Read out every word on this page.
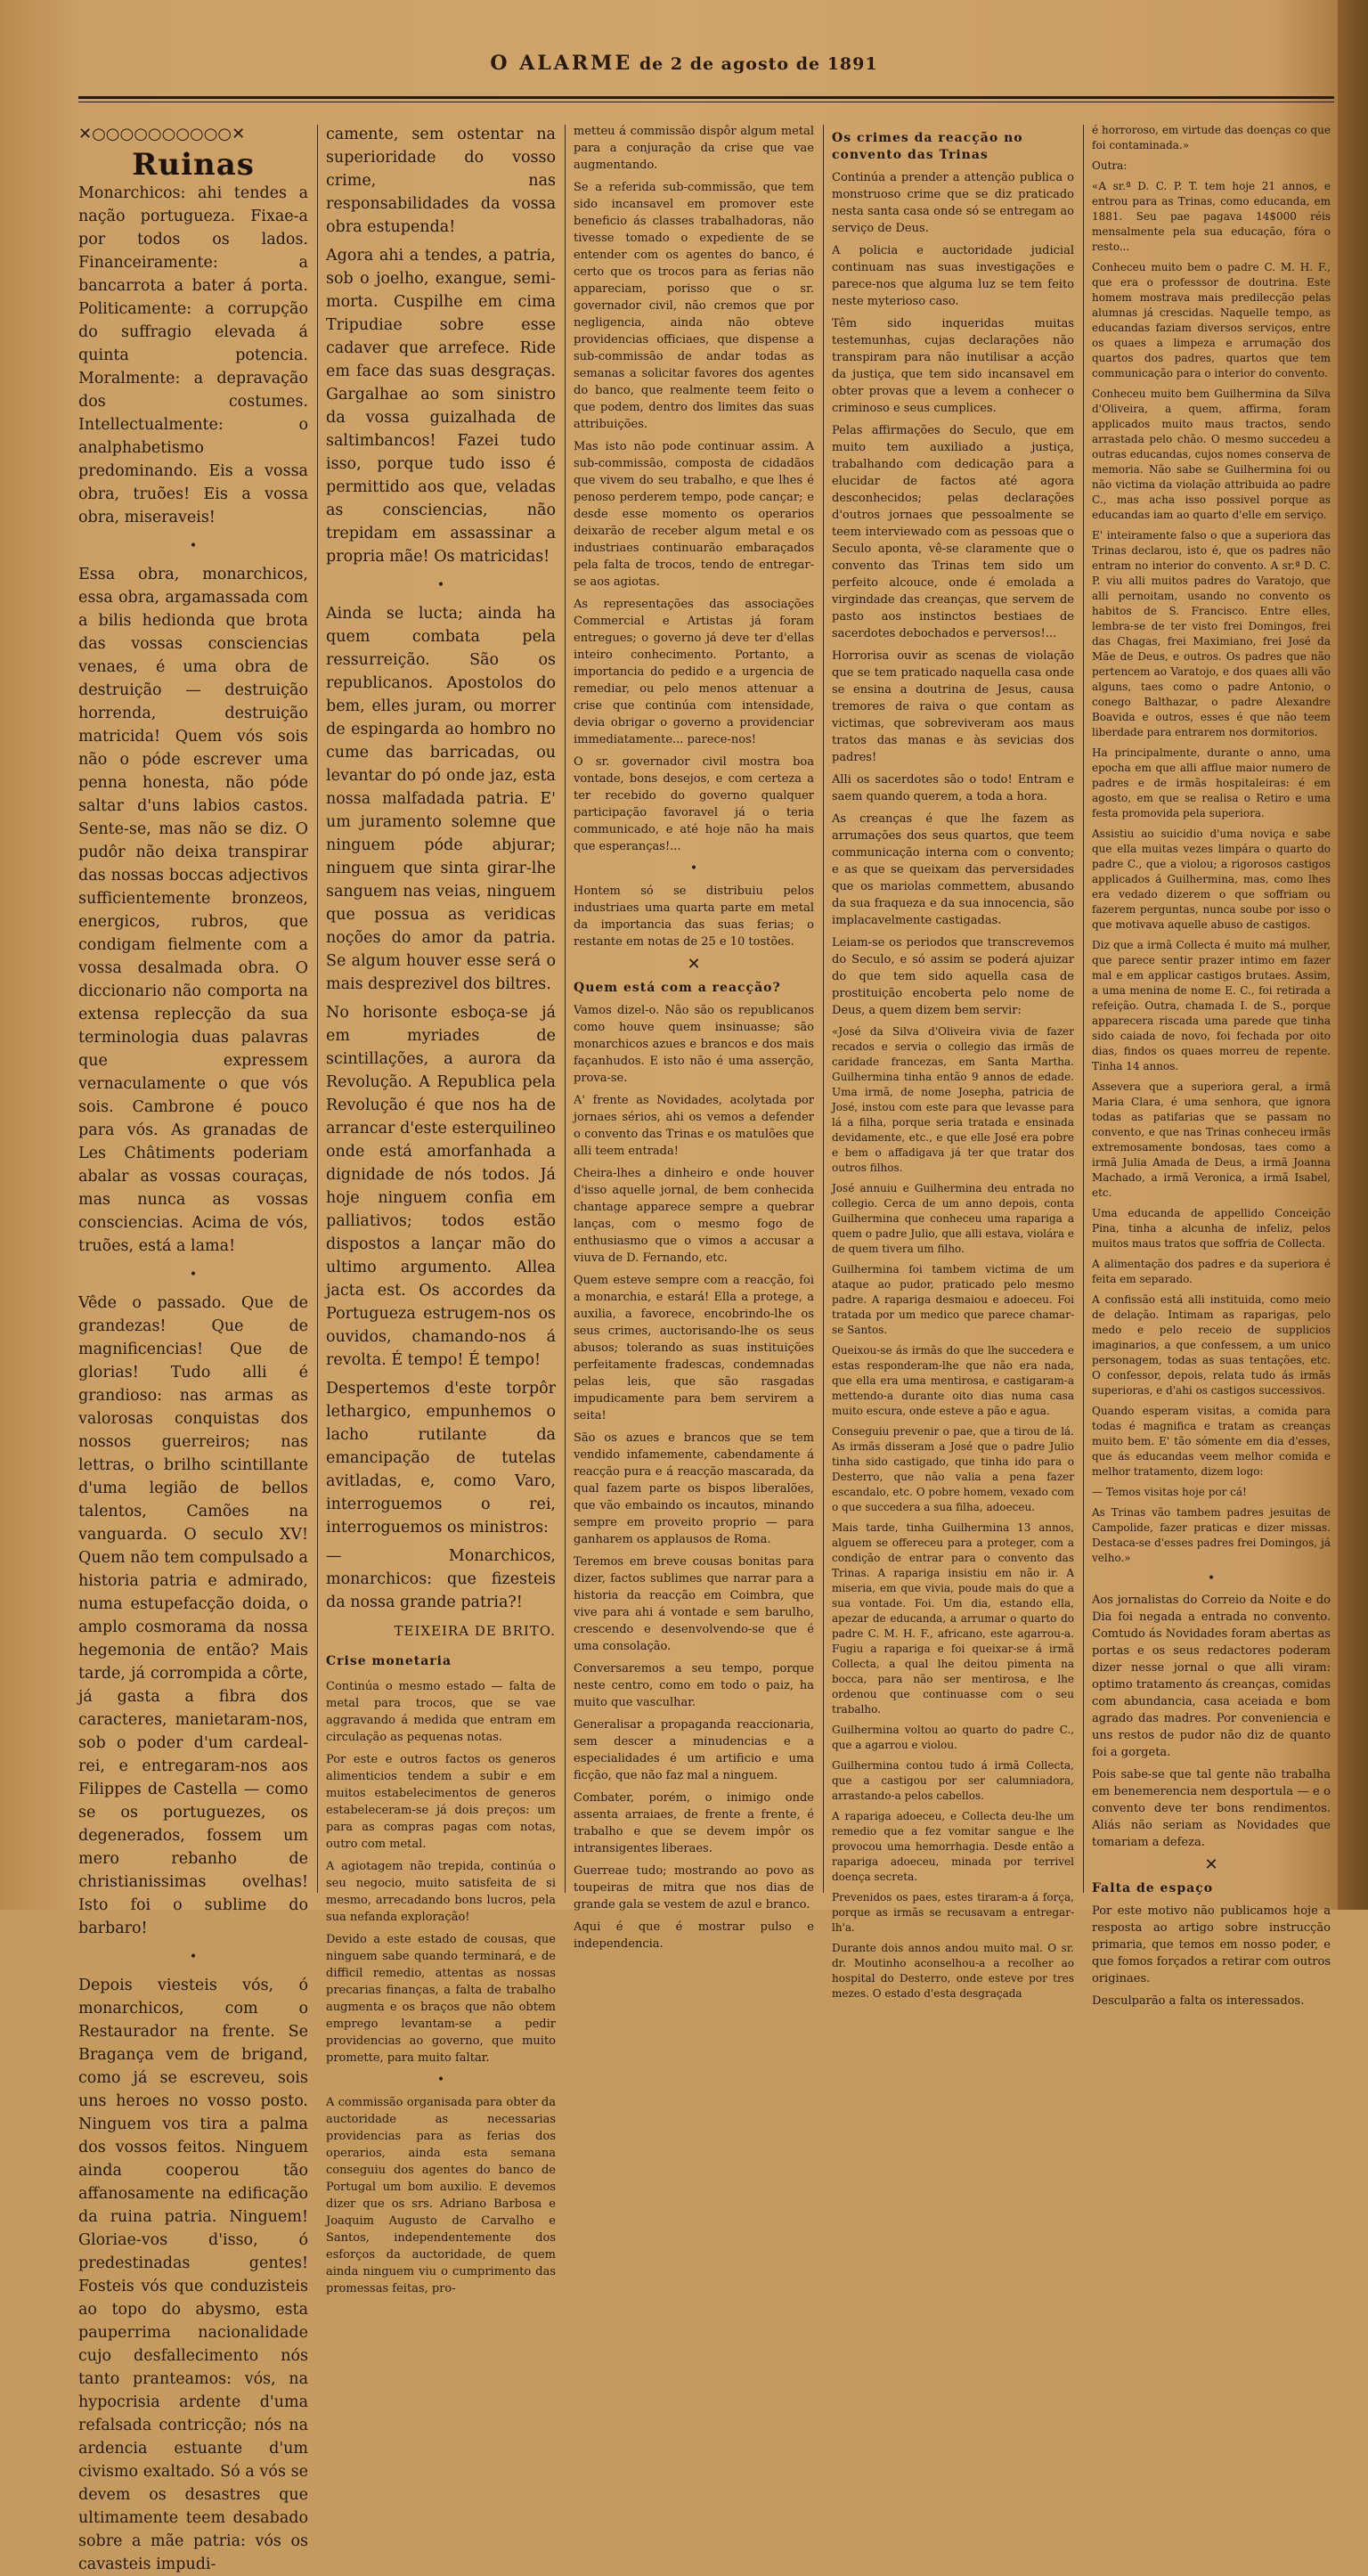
O ALARME de 2 de agosto de 1891
✕○○○○○○○○○○✕
Ruinas

Monarchicos: ahi tendes a nação portugueza. Fixae-a por todos os lados. Financeiramente: a bancarrota a bater á porta. Politicamente: a corrupção do suffragio elevada á quinta potencia. Moralmente: a depravação dos costumes. Intellectualmente: o analphabetismo predominando. Eis a vossa obra, truões! Eis a vossa obra, miseraveis!

•

Essa obra, monarchicos, essa obra, argamassada com a bilis hedionda que brota das vossas consciencias venaes, é uma obra de destruição — destruição horrenda, destruição matricida! Quem vós sois não o póde escrever uma penna honesta, não póde saltar d'uns labios castos. Sente-se, mas não se diz. O pudôr não deixa transpirar das nossas boccas adjectivos sufficientemente bronzeos, energicos, rubros, que condigam fielmente com a vossa desalmada obra. O diccionario não comporta na extensa replecção da sua terminologia duas palavras que expressem vernaculamente o que vós sois. Cambrone é pouco para vós. As granadas de Les Châtiments poderiam abalar as vossas couraças, mas nunca as vossas consciencias. Acima de vós, truões, está a lama!

•

Vêde o passado. Que de grandezas! Que de magnificencias! Que de glorias! Tudo alli é grandioso: nas armas as valorosas conquistas dos nossos guerreiros; nas lettras, o brilho scintillante d'uma legião de bellos talentos, Camões na vanguarda. O seculo XV! Quem não tem compulsado a historia patria e admirado, numa estupefacção doida, o amplo cosmorama da nossa hegemonia de então? Mais tarde, já corrompida a côrte, já gasta a fibra dos caracteres, manietaram-nos, sob o poder d'um cardeal-rei, e entregaram-nos aos Filippes de Castella — como se os portuguezes, os degenerados, fossem um mero rebanho de christianissimas ovelhas! Isto foi o sublime do barbaro!

•

Depois viesteis vós, ó monarchicos, com o Restaurador na frente. Se Bragança vem de brigand, como já se escreveu, sois uns heroes no vosso posto. Ninguem vos tira a palma dos vossos feitos. Ninguem ainda cooperou tão affanosamente na edificação da ruina patria. Ninguem! Gloriae-vos d'isso, ó predestinadas gentes! Fosteis vós que conduzisteis ao topo do abysmo, esta pauperrima nacionalidade cujo desfallecimento nós tanto pranteamos: vós, na hypocrisia ardente d'uma refalsada contricção; nós na ardencia estuante d'um civismo exaltado. Só a vós se devem os desastres que ultimamente teem desabado sobre a mãe patria: vós os cavasteis impudi-

camente, sem ostentar na superioridade do vosso crime, nas responsabilidades da vossa obra estupenda!

Agora ahi a tendes, a patria, sob o joelho, exangue, semi-morta. Cuspilhe em cima Tripudiae sobre esse cadaver que arrefece. Ride em face das suas desgraças. Gargalhae ao som sinistro da vossa guizalhada de saltimbancos! Fazei tudo isso, porque tudo isso é permittido aos que, veladas as consciencias, não trepidam em assassinar a propria mãe! Os matricidas!

•

Ainda se lucta; ainda ha quem combata pela ressurreição. São os republicanos. Apostolos do bem, elles juram, ou morrer de espingarda ao hombro no cume das barricadas, ou levantar do pó onde jaz, esta nossa malfadada patria. E' um juramento solemne que ninguem póde abjurar; ninguem que sinta girar-lhe sanguem nas veias, ninguem que possua as veridicas noções do amor da patria. Se algum houver esse será o mais desprezivel dos biltres.

No horisonte esboça-se já em myriades de scintillações, a aurora da Revolução. A Republica pela Revolução é que nos ha de arrancar d'este esterquilineo onde está amorfanhada a dignidade de nós todos. Já hoje ninguem confia em palliativos; todos estão dispostos a lançar mão do ultimo argumento. Allea jacta est. Os accordes da Portugueza estrugem-nos os ouvidos, chamando-nos á revolta. É tempo! É tempo!

Despertemos d'este torpôr lethargico, empunhemos o lacho rutilante da emancipação de tutelas avitladas, e, como Varo, interroguemos o rei, interroguemos os ministros:

— Monarchicos, monarchicos: que fizesteis da nossa grande patria?!

TEIXEIRA DE BRITO.
Crise monetaria

Continúa o mesmo estado — falta de metal para trocos, que se vae aggravando á medida que entram em circulação as pequenas notas.

Por este e outros factos os generos alimenticios tendem a subir e em muitos estabelecimentos de generos estabeleceram-se já dois preços: um para as compras pagas com notas, outro com metal.

A agiotagem não trepida, continúa o seu negocio, muito satisfeita de si mesmo, arrecadando bons lucros, pela sua nefanda exploração!

Devido a este estado de cousas, que ninguem sabe quando terminará, e de difficil remedio, attentas as nossas precarias finanças, a falta de trabalho augmenta e os braços que não obtem emprego levantam-se a pedir providencias ao governo, que muito promette, para muito faltar.

•

A commissão organisada para obter da auctoridade as necessarias providencias para as ferias dos operarios, ainda esta semana conseguiu dos agentes do banco de Portugal um bom auxilio. E devemos dizer que os srs. Adriano Barbosa e Joaquim Augusto de Carvalho e Santos, independentemente dos esforços da auctoridade, de quem ainda ninguem viu o cumprimento das promessas feitas, pro-

metteu á commissão dispôr algum metal para a conjuração da crise que vae augmentando.

Se a referida sub-commissão, que tem sido incansavel em promover este beneficio ás classes trabalhadoras, não tivesse tomado o expediente de se entender com os agentes do banco, é certo que os trocos para as ferias não appareciam, porisso que o sr. governador civil, não cremos que por negligencia, ainda não obteve providencias officiaes, que dispense a sub-commissão de andar todas as semanas a solicitar favores dos agentes do banco, que realmente teem feito o que podem, dentro dos limites das suas attribuições.

Mas isto não pode continuar assim. A sub-commissão, composta de cidadãos que vivem do seu trabalho, e que lhes é penoso perderem tempo, pode cançar; e desde esse momento os operarios deixarão de receber algum metal e os industriaes continuarão embaraçados pela falta de trocos, tendo de entregar-se aos agiotas.

As representações das associações Commercial e Artistas já foram entregues; o governo já deve ter d'ellas inteiro conhecimento. Portanto, a importancia do pedido e a urgencia de remediar, ou pelo menos attenuar a crise que continúa com intensidade, devia obrigar o governo a providenciar immediatamente... parece-nos!

O sr. governador civil mostra boa vontade, bons desejos, e com certeza a ter recebido do governo qualquer participação favoravel já o teria communicado, e até hoje não ha mais que esperanças!...

•

Hontem só se distribuiu pelos industriaes uma quarta parte em metal da importancia das suas ferias; o restante em notas de 25 e 10 tostões.

✕
Quem está com a reacção?

Vamos dizel-o. Não são os republicanos como houve quem insinuasse; são monarchicos azues e brancos e dos mais façanhudos. E isto não é uma asserção, prova-se.

A' frente as Novidades, acolytada por jornaes sérios, ahi os vemos a defender o convento das Trinas e os matulões que alli teem entrada!

Cheira-lhes a dinheiro e onde houver d'isso aquelle jornal, de bem conhecida chantage apparece sempre a quebrar lanças, com o mesmo fogo de enthusiasmo que o vimos a accusar a viuva de D. Fernando, etc.

Quem esteve sempre com a reacção, foi a monarchia, e estará! Ella a protege, a auxilia, a favorece, encobrindo-lhe os seus crimes, auctorisando-lhe os seus abusos; tolerando as suas instituições perfeitamente fradescas, condemnadas pelas leis, que são rasgadas impudicamente para bem servirem a seita!

São os azues e brancos que se tem vendido infamemente, cabendamente á reacção pura e á reacção mascarada, da qual fazem parte os bispos liberalões, que vão embaindo os incautos, minando sempre em proveito proprio — para ganharem os applausos de Roma.

Teremos em breve cousas bonitas para dizer, factos sublimes que narrar para a historia da reacção em Coimbra, que vive para ahi á vontade e sem barulho, crescendo e desenvolvendo-se que é uma consolação.

Conversaremos a seu tempo, porque neste centro, como em todo o paiz, ha muito que vasculhar.

Generalisar a propaganda reaccionaria, sem descer a minudencias e a especialidades é um artificio e uma ficção, que não faz mal a ninguem.

Combater, porém, o inimigo onde assenta arraiaes, de frente a frente, é trabalho e que se devem impôr os intransigentes liberaes.

Guerreae tudo; mostrando ao povo as toupeiras de mitra que nos dias de grande gala se vestem de azul e branco.

Aqui é que é mostrar pulso e independencia.

Os crimes da reacção no convento das Trinas

Continúa a prender a attenção publica o monstruoso crime que se diz praticado nesta santa casa onde só se entregam ao serviço de Deus.

A policia e auctoridade judicial continuam nas suas investigações e parece-nos que alguma luz se tem feito neste myterioso caso.

Têm sido inqueridas muitas testemunhas, cujas declarações não transpiram para não inutilisar a acção da justiça, que tem sido incansavel em obter provas que a levem a conhecer o criminoso e seus cumplices.

Pelas affirmações do Seculo, que em muito tem auxiliado a justiça, trabalhando com dedicação para a elucidar de factos até agora desconhecidos; pelas declarações d'outros jornaes que pessoalmente se teem interviewado com as pessoas que o Seculo aponta, vê-se claramente que o convento das Trinas tem sido um perfeito alcouce, onde é emolada a virgindade das creanças, que servem de pasto aos instinctos bestiaes de sacerdotes debochados e perversos!...

Horrorisa ouvir as scenas de violação que se tem praticado naquella casa onde se ensina a doutrina de Jesus, causa tremores de raiva o que contam as victimas, que sobreviveram aos maus tratos das manas e às sevicias dos padres!

Alli os sacerdotes são o todo! Entram e saem quando querem, a toda a hora.

As creanças é que lhe fazem as arrumações dos seus quartos, que teem communicação interna com o convento; e as que se queixam das perversidades que os mariolas commettem, abusando da sua fraqueza e da sua innocencia, são implacavelmente castigadas.

Leiam-se os periodos que transcrevemos do Seculo, e só assim se poderá ajuizar do que tem sido aquella casa de prostituição encoberta pelo nome de Deus, a quem dizem bem servir:

«José da Silva d'Oliveira vivia de fazer recados e servia o collegio das irmãs de caridade francezas, em Santa Martha. Guilhermina tinha então 9 annos de edade. Uma irmã, de nome Josepha, patricia de José, instou com este para que levasse para lá a filha, porque seria tratada e ensinada devidamente, etc., e que elle José era pobre e bem o affadigava já ter que tratar dos outros filhos.

José annuiu e Guilhermina deu entrada no collegio. Cerca de um anno depois, conta Guilhermina que conheceu uma rapariga a quem o padre Julio, que alli estava, violára e de quem tivera um filho.

Guilhermina foi tambem victima de um ataque ao pudor, praticado pelo mesmo padre. A rapariga desmaiou e adoeceu. Foi tratada por um medico que parece chamar-se Santos.

Queixou-se ás irmãs do que lhe succedera e estas responderam-lhe que não era nada, que ella era uma mentirosa, e castigaram-a mettendo-a durante oito dias numa casa muito escura, onde esteve a pão e agua.

Conseguiu prevenir o pae, que a tirou de lá. As irmãs disseram a José que o padre Julio tinha sido castigado, que tinha ido para o Desterro, que não valia a pena fazer escandalo, etc. O pobre homem, vexado com o que succedera a sua filha, adoeceu.

Mais tarde, tinha Guilhermina 13 annos, alguem se offereceu para a proteger, com a condição de entrar para o convento das Trinas. A rapariga insistiu em não ir. A miseria, em que vivia, poude mais do que a sua vontade. Foi. Um dia, estando ella, apezar de educanda, a arrumar o quarto do padre C. M. H. F., africano, este agarrou-a. Fugiu a rapariga e foi queixar-se á irmã Collecta, a qual lhe deitou pimenta na bocca, para não ser mentirosa, e lhe ordenou que continuasse com o seu trabalho.

Guilhermina voltou ao quarto do padre C., que a agarrou e violou.

Guilhermina contou tudo á irmã Collecta, que a castigou por ser calumniadora, arrastando-a pelos cabellos.

A rapariga adoeceu, e Collecta deu-lhe um remedio que a fez vomitar sangue e lhe provocou uma hemorrhagia. Desde então a rapariga adoeceu, minada por terrivel doença secreta.

Prevenidos os paes, estes tiraram-a á força, porque as irmãs se recusavam a entregar-lh'a.

Durante dois annos andou muito mal. O sr. dr. Moutinho aconselhou-a a recolher ao hospital do Desterro, onde esteve por tres mezes. O estado d'esta desgraçada

é horroroso, em virtude das doenças co que foi contaminada.»

Outra:

«A sr.ª D. C. P. T. tem hoje 21 annos, e entrou para as Trinas, como educanda, em 1881. Seu pae pagava 14$000 réis mensalmente pela sua educação, fóra o resto...

Conheceu muito bem o padre C. M. H. F., que era o professsor de doutrina. Este homem mostrava mais predilecção pelas alumnas já crescidas. Naquelle tempo, as educandas faziam diversos serviços, entre os quaes a limpeza e arrumação dos quartos dos padres, quartos que tem communicação para o interior do convento.

Conheceu muito bem Guilhermina da Silva d'Oliveira, a quem, affirma, foram applicados muito maus tractos, sendo arrastada pelo chão. O mesmo succedeu a outras educandas, cujos nomes conserva de memoria. Não sabe se Guilhermina foi ou não victima da violação attribuida ao padre C., mas acha isso possivel porque as educandas iam ao quarto d'elle em serviço.

E' inteiramente falso o que a superiora das Trinas declarou, isto é, que os padres não entram no interior do convento. A sr.ª D. C. P. viu alli muitos padres do Varatojo, que alli pernoitam, usando no convento os habitos de S. Francisco. Entre elles, lembra-se de ter visto frei Domingos, frei das Chagas, frei Maximiano, frei José da Mãe de Deus, e outros. Os padres que não pertencem ao Varatojo, e dos quaes alli vão alguns, taes como o padre Antonio, o conego Balthazar, o padre Alexandre Boavida e outros, esses é que não teem liberdade para entrarem nos dormitorios.

Ha principalmente, durante o anno, uma epocha em que alli afflue maior numero de padres e de irmãs hospitaleiras: é em agosto, em que se realisa o Retiro e uma festa promovida pela superiora.

Assistiu ao suicidio d'uma noviça e sabe que ella muitas vezes limpára o quarto do padre C., que a violou; a rigorosos castigos applicados á Guilhermina, mas, como lhes era vedado dizerem o que soffriam ou fazerem perguntas, nunca soube por isso o que motivava aquelle abuso de castigos.

Diz que a irmã Collecta é muito má mulher, que parece sentir prazer intimo em fazer mal e em applicar castigos brutaes. Assim, a uma menina de nome E. C., foi retirada a refeição. Outra, chamada I. de S., porque apparecera riscada uma parede que tinha sido caiada de novo, foi fechada por oito dias, findos os quaes morreu de repente. Tinha 14 annos.

Assevera que a superiora geral, a irmã Maria Clara, é uma senhora, que ignora todas as patifarias que se passam no convento, e que nas Trinas conheceu irmãs extremosamente bondosas, taes como a irmã Julia Amada de Deus, a irmã Joanna Machado, a irmã Veronica, a irmã Isabel, etc.

Uma educanda de appellido Conceição Pina, tinha a alcunha de infeliz, pelos muitos maus tratos que soffria de Collecta.

A alimentação dos padres e da superiora é feita em separado.

A confissão está alli instituida, como meio de delação. Intimam as raparigas, pelo medo e pelo receio de supplicios imaginarios, a que confessem, a um unico personagem, todas as suas tentações, etc. O confessor, depois, relata tudo ás irmãs superioras, e d'ahi os castigos successivos.

Quando esperam visitas, a comida para todas é magnifica e tratam as creanças muito bem. E' tão sómente em dia d'esses, que ás educandas veem melhor comida e melhor tratamento, dizem logo:

— Temos visitas hoje por cá!

As Trinas vão tambem padres jesuitas de Campolide, fazer praticas e dizer missas. Destaca-se d'esses padres frei Domingos, já velho.»

•

Aos jornalistas do Correio da Noite e do Dia foi negada a entrada no convento. Comtudo ás Novidades foram abertas as portas e os seus redactores poderam dizer nesse jornal o que alli viram: optimo tratamento ás creanças, comidas com abundancia, casa aceiada e bom agrado das madres. Por conveniencia e uns restos de pudor não diz de quanto foi a gorgeta.

Pois sabe-se que tal gente não trabalha em benemerencia nem desportula — e o convento deve ter bons rendimentos. Aliás não seriam as Novidades que tomariam a defeza.

✕
Falta de espaço

Por este motivo não publicamos hoje a resposta ao artigo sobre instrucção primaria, que temos em nosso poder, e que fomos forçados a retirar com outros originaes.

Desculparão a falta os interessados.
